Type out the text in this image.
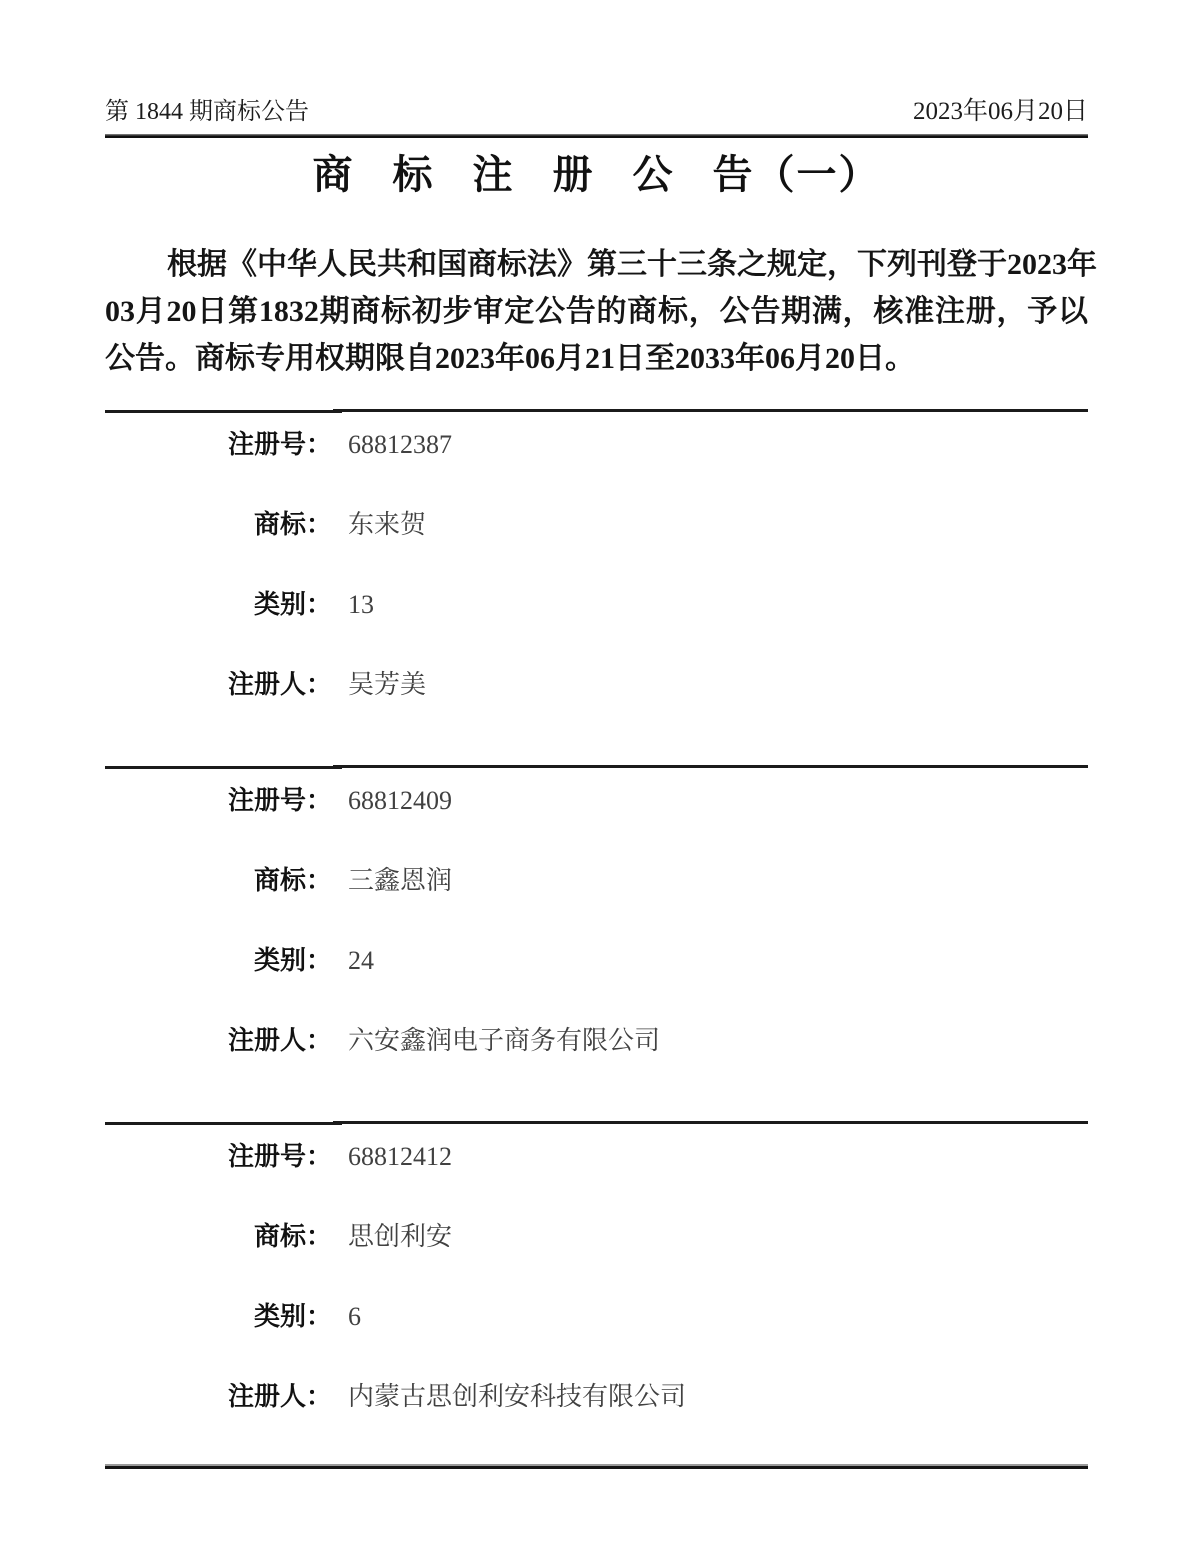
第 1844 期商标公告	2023年06月20日
商 标 注 册 公 告（一）
根据《中华人民共和国商标法》第三十三条之规定，下列刊登于2023年
03月20日第1832期商标初步审定公告的商标，公告期满，核准注册，予以
公告。商标专用权期限自2023年06月21日至2033年06月20日。
注册号： 68812387
商标： 东来贺
类别： 13
注册人： 吴芳美
注册号： 68812409
商标： 三鑫恩润
类别： 24
注册人： 六安鑫润电子商务有限公司
注册号： 68812412
商标： 思创利安
类别： 6
注册人： 内蒙古思创利安科技有限公司
